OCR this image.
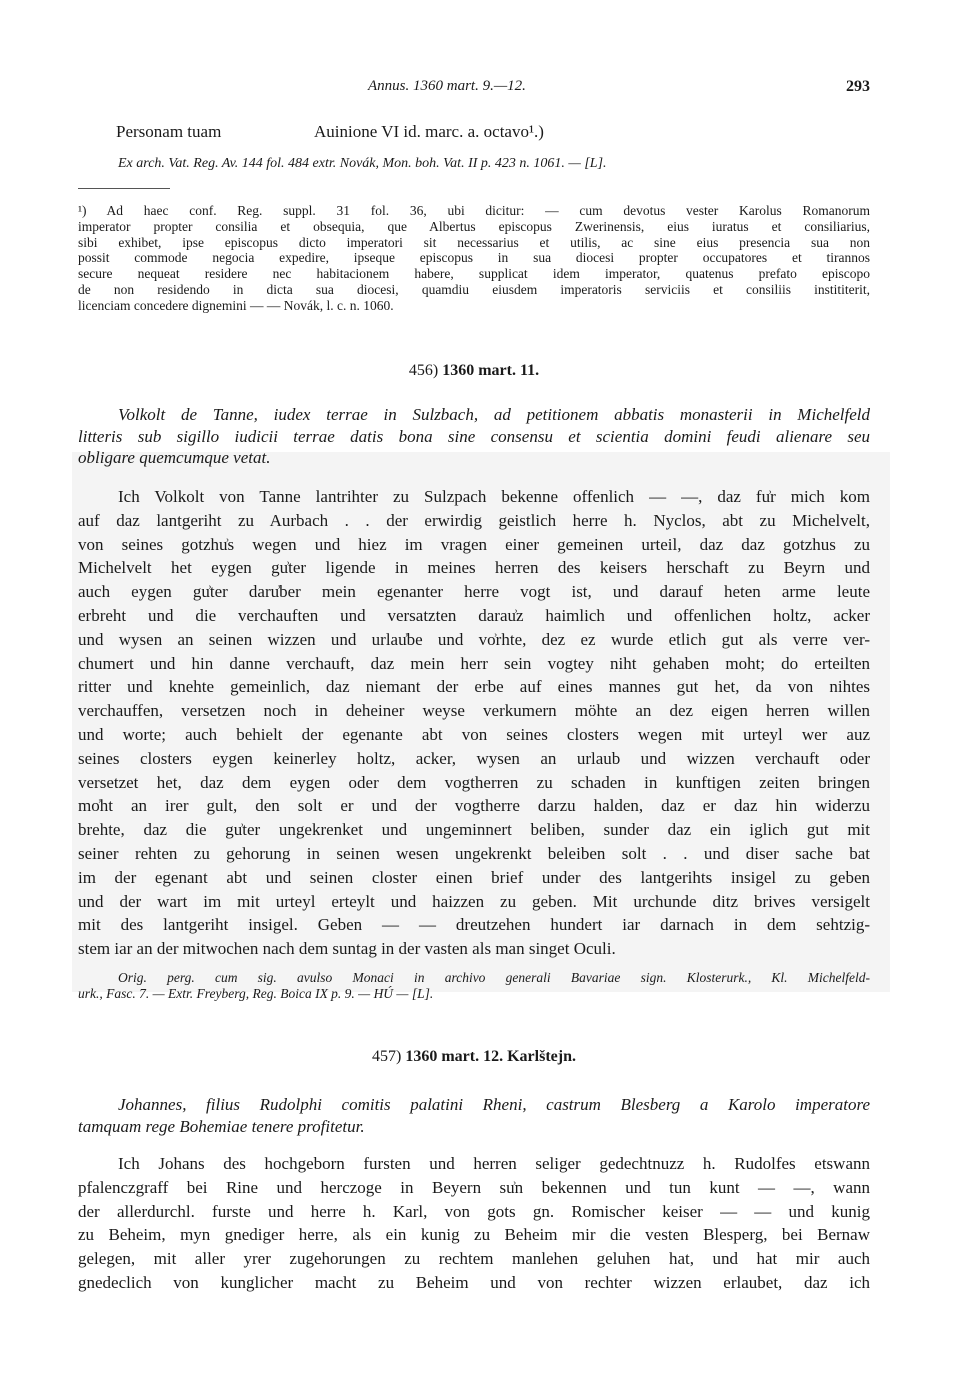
Annus. 1360 mart. 9.—12.	293
Personam tuam	Auinione VI id. marc. a. octavo¹.)
Ex arch. Vat. Reg. Av. 144 fol. 484 extr. Novák, Mon. boh. Vat. II p. 423 n. 1061. — [L].
¹) Ad haec conf. Reg. suppl. 31 fol. 36, ubi dicitur: — cum devotus vester Karolus Romanorum
imperator propter consilia et obsequia, que Albertus episcopus Zwerinensis, eius iuratus et consiliarius,
sibi exhibet, ipse episcopus dicto imperatori sit necessarius et utilis, ac sine eius presencia sua non
possit commode negocia expedire, ipseque episcopus in sua diocesi propter occupatores et tirannos
secure nequeat residere nec habitacionem habere, supplicat idem imperator, quatenus prefato episcopo
de non residendo in dicta sua diocesi, quamdiu eiusdem imperatoris serviciis et consiliis instititerit,
licenciam concedere dignemini — — Novák, l. c. n. 1060.
456) 1360 mart. 11.
Volkolt de Tanne, iudex terrae in Sulzbach, ad petitionem abbatis monasterii in Michelfeld
litteris sub sigillo iudicii terrae datis bona sine consensu et scientia domini feudi alienare seu
obligare quemcumque vetat.
Ich Volkolt von Tanne lantrihter zu Sulzpach bekenne offenlich — —, daz fu͗r mich kom
auf daz lantgeriht zu Aurbach . . der erwirdig geistlich herre h. Nyclos, abt zu Michelvelt,
von seines gotzhu͗s wegen und hiez im vragen einer gemeinen urteil, daz daz gotzhus zu
Michelvelt het eygen gu͗ter ligende in meines herren des keisers herschaft zu Beyrn und
auch eygen gu͗ter daru͗ber mein egenanter herre vogt ist, und darauf heten arme leute
erbreht und die verchauften und versatzten darau͗z haimlich und offenlichen holtz, acker
und wysen an seinen wizzen und urlau͗be und vo͗rhte, dez ez wurde etlich gut als verre ver-
chumert und hin danne verchauft, daz mein herr sein vogtey niht gehaben moht; do erteilten
ritter und knehte gemeinlich, daz niemant der erbe auf eines mannes gut het, da von nihtes
verchauffen, versetzen noch in deheiner weyse verkumern möhte an dez eigen herren willen
und worte; auch behielt der egenante abt von seines closters wegen mit urteyl wer auz
seines closters eygen keinerley holtz, acker, wysen an urlaub und wizzen verchauft oder
versetzet het, daz dem eygen oder dem vogtherren zu schaden in kunftigen zeiten bringen
mo͗ht an irer gult, den solt er und der vogtherre darzu halden, daz er daz hin widerzu
brehte, daz die gu͗ter ungekrenket und ungeminnert beliben, sunder daz ein iglich gut mit
seiner rehten zu gehorung in seinen wesen ungekrenkt beleiben solt . . und diser sache bat
im der egenant abt und seinen closter einen brief under des lantgerihts insigel zu geben
und der wart im mit urteyl erteylt und haizzen zu geben. Mit urchunde ditz brives versigelt
mit des lantgeriht insigel. Geben — — dreutzehen hundert iar darnach in dem sehtzig-
stem iar an der mitwochen nach dem suntag in der vasten als man singet Oculi.
Orig. perg. cum sig. avulso Monaci in archivo generali Bavariae sign. Klosterurk., Kl. Michelfeld-
urk., Fasc. 7. — Extr. Freyberg, Reg. Boica IX p. 9. — HÚ — [L].
457) 1360 mart. 12. Karlštejn.
Johannes, filius Rudolphi comitis palatini Rheni, castrum Blesberg a Karolo imperatore
tamquam rege Bohemiae tenere profitetur.
Ich Johans des hochgeborn fursten und herren seliger gedechtnuzz h. Rudolfes etswann
pfalenczgraff bei Rine und herczoge in Beyern su͗n bekennen und tun kunt — —, wann
der allerdurchl. furste und herre h. Karl, von gots gn. Romischer keiser — — und kunig
zu Beheim, myn gnediger herre, als ein kunig zu Beheim mir die vesten Blesperg, bei Bernaw
gelegen, mit aller yrer zugehorungen zu rechtem manlehen geluhen hat, und hat mir auch
gnedeclich von kunglicher macht zu Beheim und von rechter wizzen erlaubet, daz ich
